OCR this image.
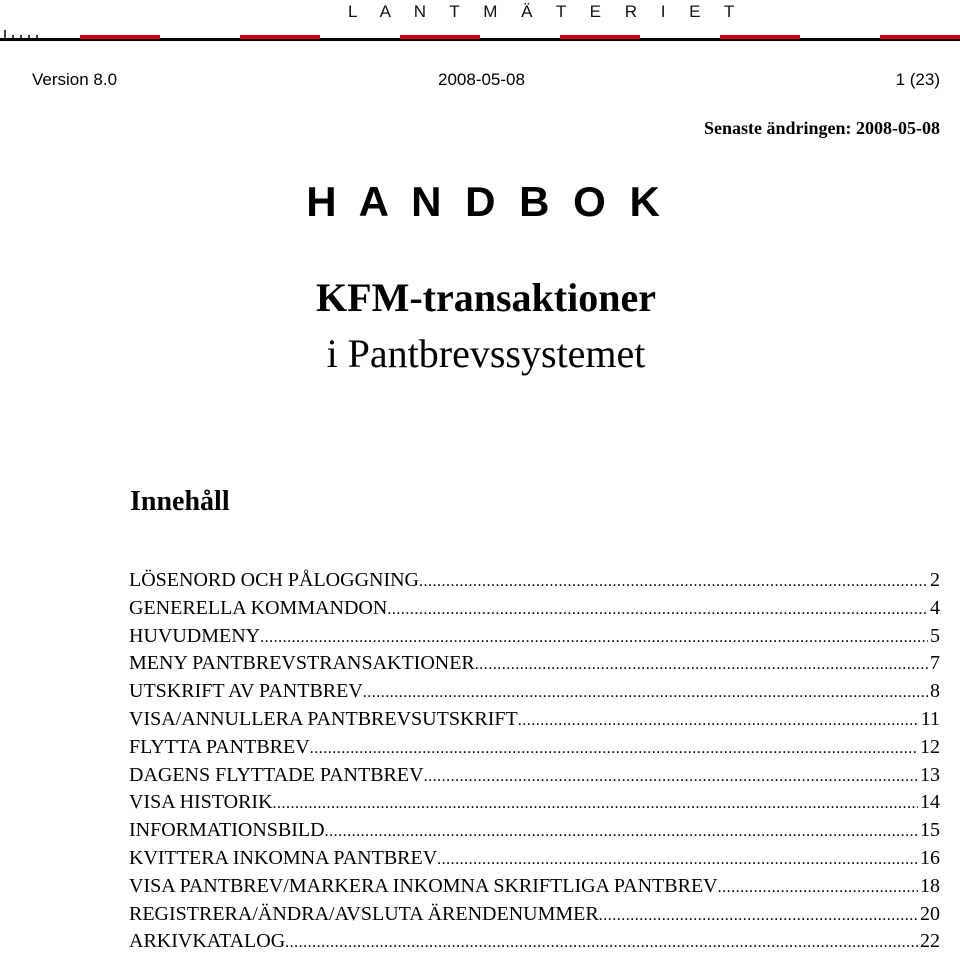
L A N T M Ä T E R I E T
Version 8.0	2008-05-08	1 (23)
Senaste ändringen: 2008-05-08
H A N D B O K
KFM-transaktioner
i Pantbrevssystemet
Innehåll
LÖSENORD OCH PÅLOGGNING .....	2
GENERELLA KOMMANDON .....	4
HUVUDMENY .....	5
MENY PANTBREVSTRANSAKTIONER .....	7
UTSKRIFT AV PANTBREV .....	8
VISA/ANNULLERA PANTBREVSUTSKRIFT .....	11
FLYTTA PANTBREV .....	12
DAGENS FLYTTADE PANTBREV .....	13
VISA HISTORIK .....	14
INFORMATIONSBILD .....	15
KVITTERA INKOMNA PANTBREV .....	16
VISA PANTBREV/MARKERA INKOMNA SKRIFTLIGA PANTBREV .....	18
REGISTRERA/ÄNDRA/AVSLUTA ÄRENDENUMMER .....	20
ARKIVKATALOG .....	22
